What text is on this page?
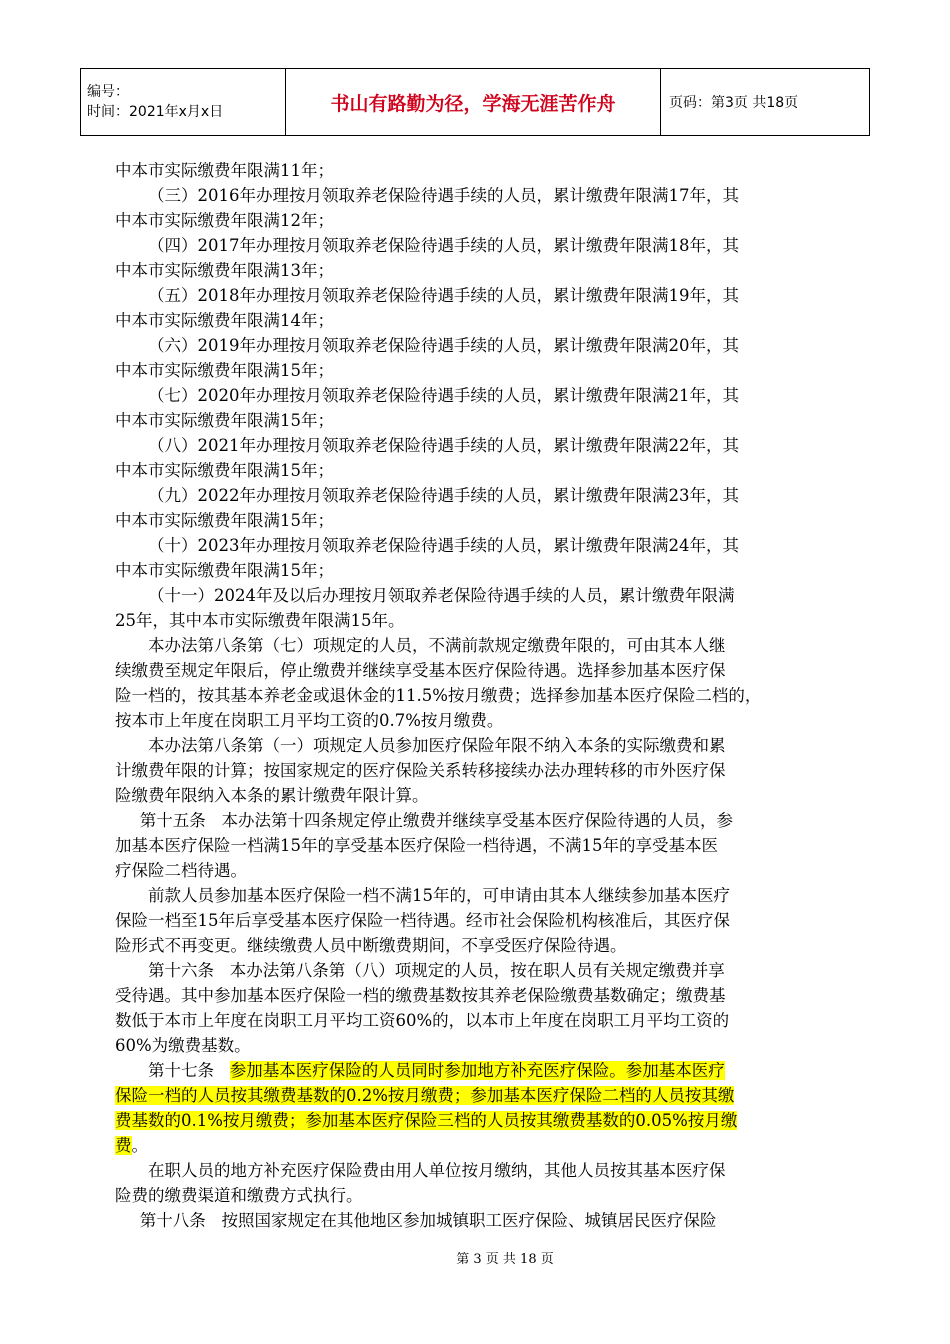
编号：
时间：2021年x月x日	书山有路勤为径，学海无涯苦作舟	页码：第3页 共18页

中本市实际缴费年限满11年；

（三）2016年办理按月领取养老保险待遇手续的人员，累计缴费年限满17年，其

中本市实际缴费年限满12年；

（四）2017年办理按月领取养老保险待遇手续的人员，累计缴费年限满18年，其

中本市实际缴费年限满13年；

（五）2018年办理按月领取养老保险待遇手续的人员，累计缴费年限满19年，其

中本市实际缴费年限满14年；

（六）2019年办理按月领取养老保险待遇手续的人员，累计缴费年限满20年，其

中本市实际缴费年限满15年；

（七）2020年办理按月领取养老保险待遇手续的人员，累计缴费年限满21年，其

中本市实际缴费年限满15年；

（八）2021年办理按月领取养老保险待遇手续的人员，累计缴费年限满22年，其

中本市实际缴费年限满15年；

（九）2022年办理按月领取养老保险待遇手续的人员，累计缴费年限满23年，其

中本市实际缴费年限满15年；

（十）2023年办理按月领取养老保险待遇手续的人员，累计缴费年限满24年，其

中本市实际缴费年限满15年；

（十一）2024年及以后办理按月领取养老保险待遇手续的人员，累计缴费年限满

25年，其中本市实际缴费年限满15年。

本办法第八条第（七）项规定的人员，不满前款规定缴费年限的，可由其本人继

续缴费至规定年限后，停止缴费并继续享受基本医疗保险待遇。选择参加基本医疗保

险一档的，按其基本养老金或退休金的11.5%按月缴费；选择参加基本医疗保险二档的，

按本市上年度在岗职工月平均工资的0.7%按月缴费。

本办法第八条第（一）项规定人员参加医疗保险年限不纳入本条的实际缴费和累

计缴费年限的计算；按国家规定的医疗保险关系转移接续办法办理转移的市外医疗保

险缴费年限纳入本条的累计缴费年限计算。

第十五条   本办法第十四条规定停止缴费并继续享受基本医疗保险待遇的人员，参

加基本医疗保险一档满15年的享受基本医疗保险一档待遇，不满15年的享受基本医

疗保险二档待遇。

前款人员参加基本医疗保险一档不满15年的，可申请由其本人继续参加基本医疗

保险一档至15年后享受基本医疗保险一档待遇。经市社会保险机构核准后，其医疗保

险形式不再变更。继续缴费人员中断缴费期间，不享受医疗保险待遇。

第十六条   本办法第八条第（八）项规定的人员，按在职人员有关规定缴费并享

受待遇。其中参加基本医疗保险一档的缴费基数按其养老保险缴费基数确定；缴费基

数低于本市上年度在岗职工月平均工资60%的，以本市上年度在岗职工月平均工资的

60%为缴费基数。

第十七条   参加基本医疗保险的人员同时参加地方补充医疗保险。参加基本医疗

保险一档的人员按其缴费基数的0.2%按月缴费；参加基本医疗保险二档的人员按其缴

费基数的0.1%按月缴费；参加基本医疗保险三档的人员按其缴费基数的0.05%按月缴

费。

在职人员的地方补充医疗保险费由用人单位按月缴纳，其他人员按其基本医疗保

险费的缴费渠道和缴费方式执行。

第十八条   按照国家规定在其他地区参加城镇职工医疗保险、城镇居民医疗保险

第 3 页 共 18 页
